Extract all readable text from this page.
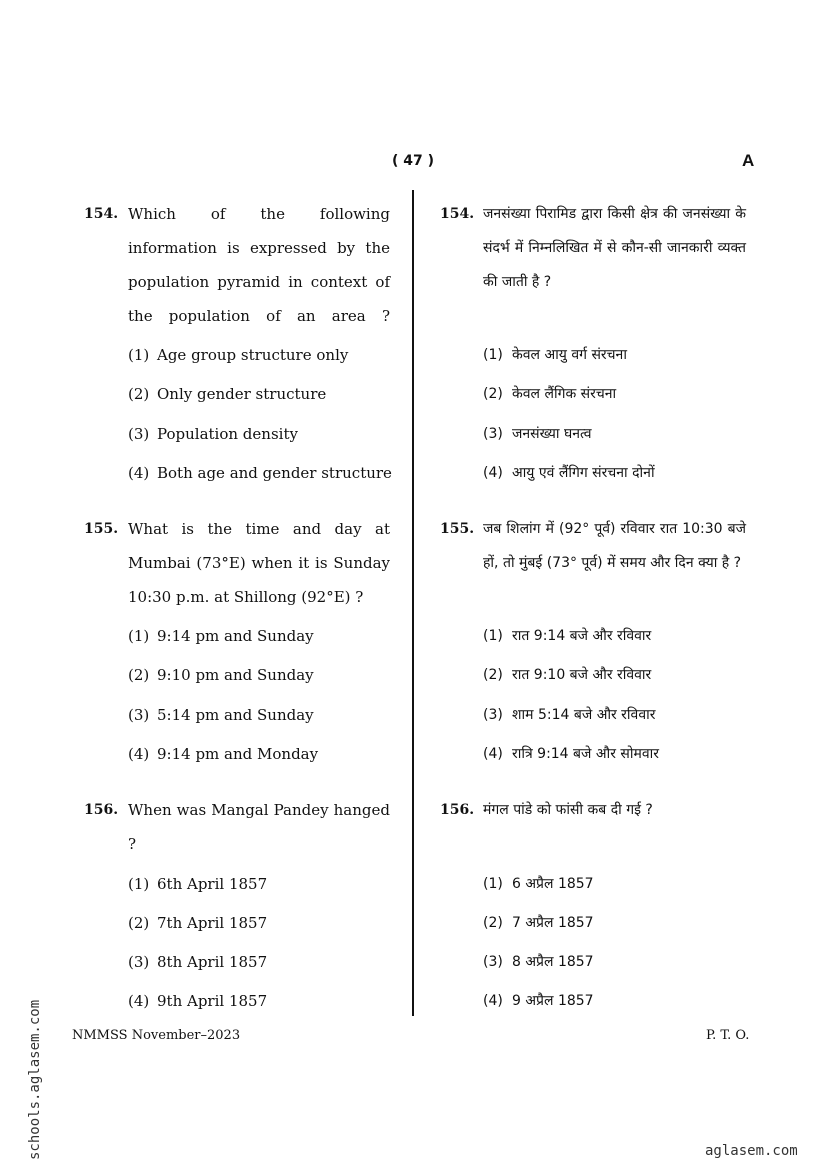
( 47 )	A
154. Which of the following information is expressed by the population pyramid in context of the population of an area ?
(1) Age group structure only
(2) Only gender structure
(3) Population density
(4) Both age and gender structure
155. What is the time and day at Mumbai (73°E) when it is Sunday 10:30 p.m. at Shillong (92°E) ?
(1) 9:14 pm and Sunday
(2) 9:10 pm and Sunday
(3) 5:14 pm and Sunday
(4) 9:14 pm and Monday
156. When was Mangal Pandey hanged ?
(1) 6th April 1857
(2) 7th April 1857
(3) 8th April 1857
(4) 9th April 1857
154. जनसंख्या पिरामिड द्वारा किसी क्षेत्र की जनसंख्या के संदर्भ में निम्नलिखित में से कौन-सी जानकारी व्यक्त की जाती है ?
(1) केवल आयु वर्ग संरचना
(2) केवल लैंगिक संरचना
(3) जनसंख्या घनत्व
(4) आयु एवं लैंगिग संरचना दोनों
155. जब शिलांग में (92° पूर्व) रविवार रात 10:30 बजे हों, तो मुंबई (73° पूर्व) में समय और दिन क्या है ?
(1) रात 9:14 बजे और रविवार
(2) रात 9:10 बजे और रविवार
(3) शाम 5:14 बजे और रविवार
(4) रात्रि 9:14 बजे और सोमवार
156. मंगल पांडे को फांसी कब दी गई ?
(1) 6 अप्रैल 1857
(2) 7 अप्रैल 1857
(3) 8 अप्रैल 1857
(4) 9 अप्रैल 1857
NMMSS November–2023	P. T. O.
schools.aglasem.com	aglasem.com
